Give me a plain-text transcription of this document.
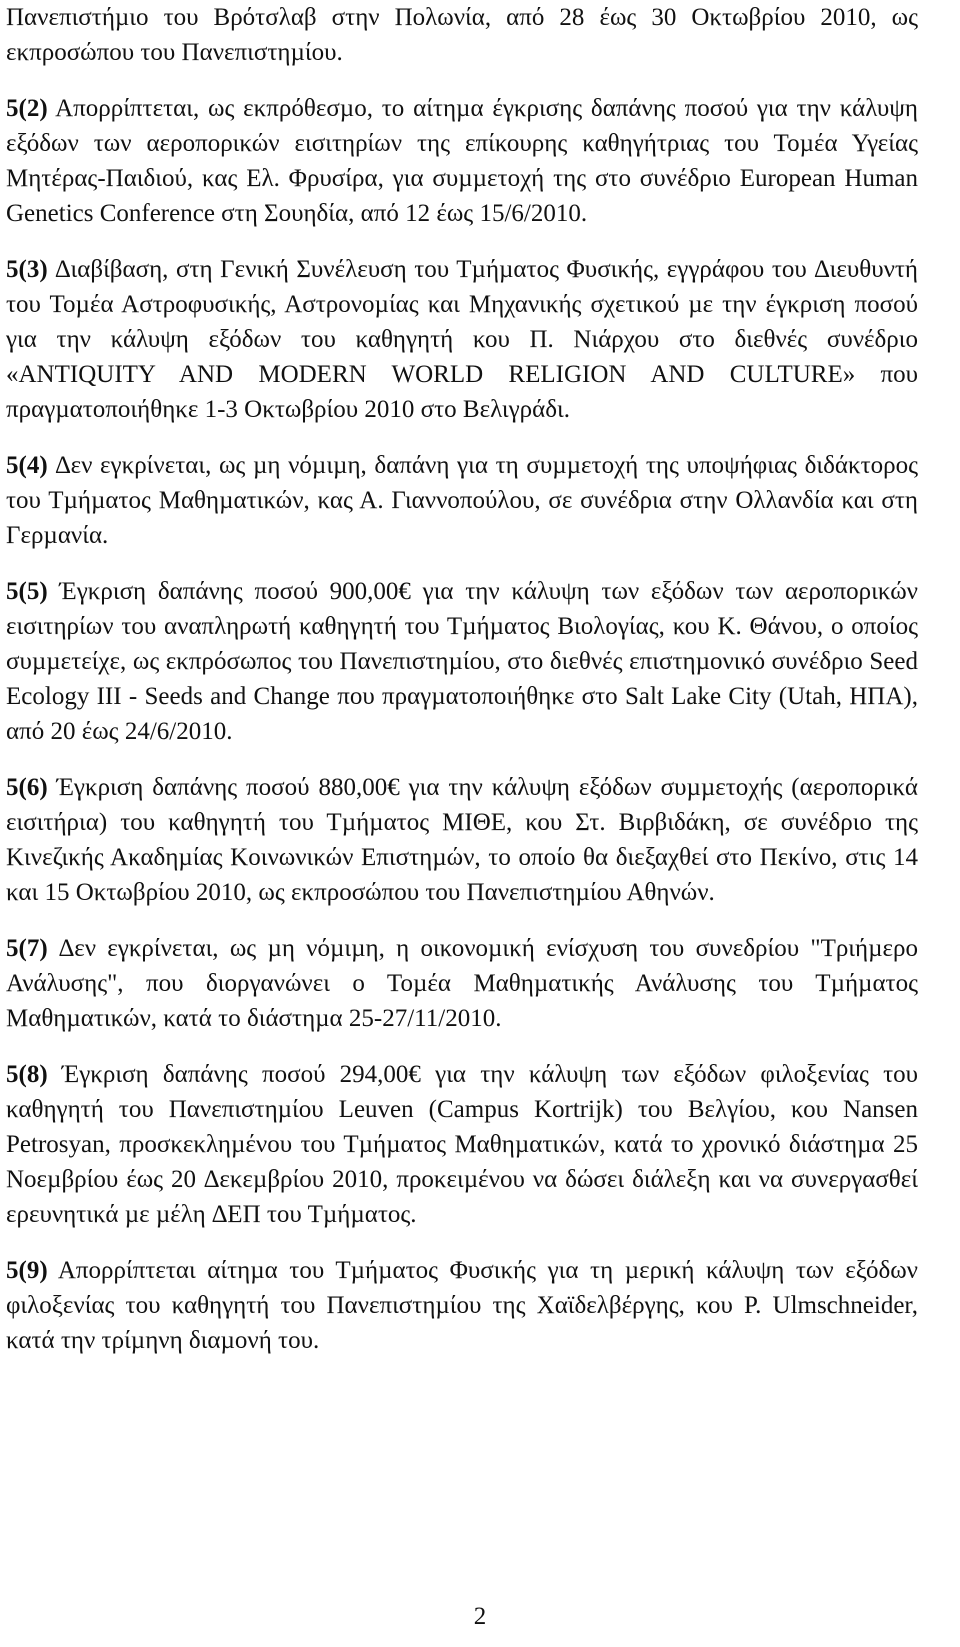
Πανεπιστήµιο του Βρότσλαβ στην Πολωνία, από 28 έως 30 Οκτωβρίου 2010, ως εκπροσώπου του Πανεπιστηµίου.

5(2) Απορρίπτεται, ως εκπρόθεσµο, το αίτηµα έγκρισης δαπάνης ποσού για την κάλυψη εξόδων των αεροπορικών εισιτηρίων της επίκουρης καθηγήτριας του Τοµέα Υγείας Μητέρας-Παιδιού, κας Ελ. Φρυσίρα, για συµµετοχή της στο συνέδριο European Human Genetics Conference στη Σουηδία, από 12 έως 15/6/2010.

5(3) ∆ιαβίβαση, στη Γενική Συνέλευση του Τµήµατος Φυσικής, εγγράφου του ∆ιευθυντή του Τοµέα Αστροφυσικής, Αστρονοµίας και Μηχανικής σχετικού µε την έγκριση ποσού για την κάλυψη εξόδων του καθηγητή κου Π. Νιάρχου στο διεθνές συνέδριο «ANTIQUITY AND MODERN WORLD RELIGION AND CULTURE» που πραγµατοποιήθηκε 1-3 Οκτωβρίου 2010 στο Βελιγράδι.

5(4) ∆εν εγκρίνεται, ως µη νόµιµη, δαπάνη για τη συµµετοχή της υποψήφιας διδάκτορος του Τµήµατος Μαθηµατικών, κας Α. Γιαννοπούλου, σε συνέδρια στην Ολλανδία και στη Γερµανία.

5(5) Έγκριση δαπάνης ποσού 900,00€ για την κάλυψη των εξόδων των αεροπορικών εισιτηρίων του αναπληρωτή καθηγητή του Τµήµατος Βιολογίας, κου Κ. Θάνου, ο οποίος συµµετείχε, ως εκπρόσωπος του Πανεπιστηµίου, στο διεθνές επιστηµονικό συνέδριο Seed Ecology III - Seeds and Change που πραγµατοποιήθηκε στο Salt Lake City (Utah, ΗΠΑ), από 20 έως 24/6/2010.

5(6) Έγκριση δαπάνης ποσού 880,00€ για την κάλυψη εξόδων συµµετοχής (αεροπορικά εισιτήρια) του καθηγητή του Τµήµατος ΜΙΘΕ, κου Στ. Βιρβιδάκη, σε συνέδριο της Κινεζικής Ακαδηµίας Κοινωνικών Επιστηµών, το οποίο θα διεξαχθεί στο Πεκίνο, στις 14 και 15 Οκτωβρίου 2010, ως εκπροσώπου του Πανεπιστηµίου Αθηνών.

5(7) ∆εν εγκρίνεται, ως µη νόµιµη, η οικονοµική ενίσχυση του συνεδρίου "Τριήµερο Ανάλυσης", που διοργανώνει ο Τοµέα Μαθηµατικής Ανάλυσης του Τµήµατος Μαθηµατικών, κατά το διάστηµα 25-27/11/2010.

5(8) Έγκριση δαπάνης ποσού 294,00€ για την κάλυψη των εξόδων φιλοξενίας του καθηγητή του Πανεπιστηµίου Leuven (Campus Kortrijk) του Βελγίου, κου Nansen Petrosyan, προσκεκληµένου του Τµήµατος Μαθηµατικών, κατά το χρονικό διάστηµα 25 Νοεµβρίου έως 20 ∆εκεµβρίου 2010, προκειµένου να δώσει διάλεξη και να συνεργασθεί ερευνητικά µε µέλη ∆ΕΠ του Τµήµατος.

5(9) Απορρίπτεται αίτηµα του Τµήµατος Φυσικής για τη µερική κάλυψη των εξόδων φιλοξενίας του καθηγητή του Πανεπιστηµίου της Χαϊδελβέργης, κου P. Ulmschneider, κατά την τρίµηνη διαµονή του.

2
